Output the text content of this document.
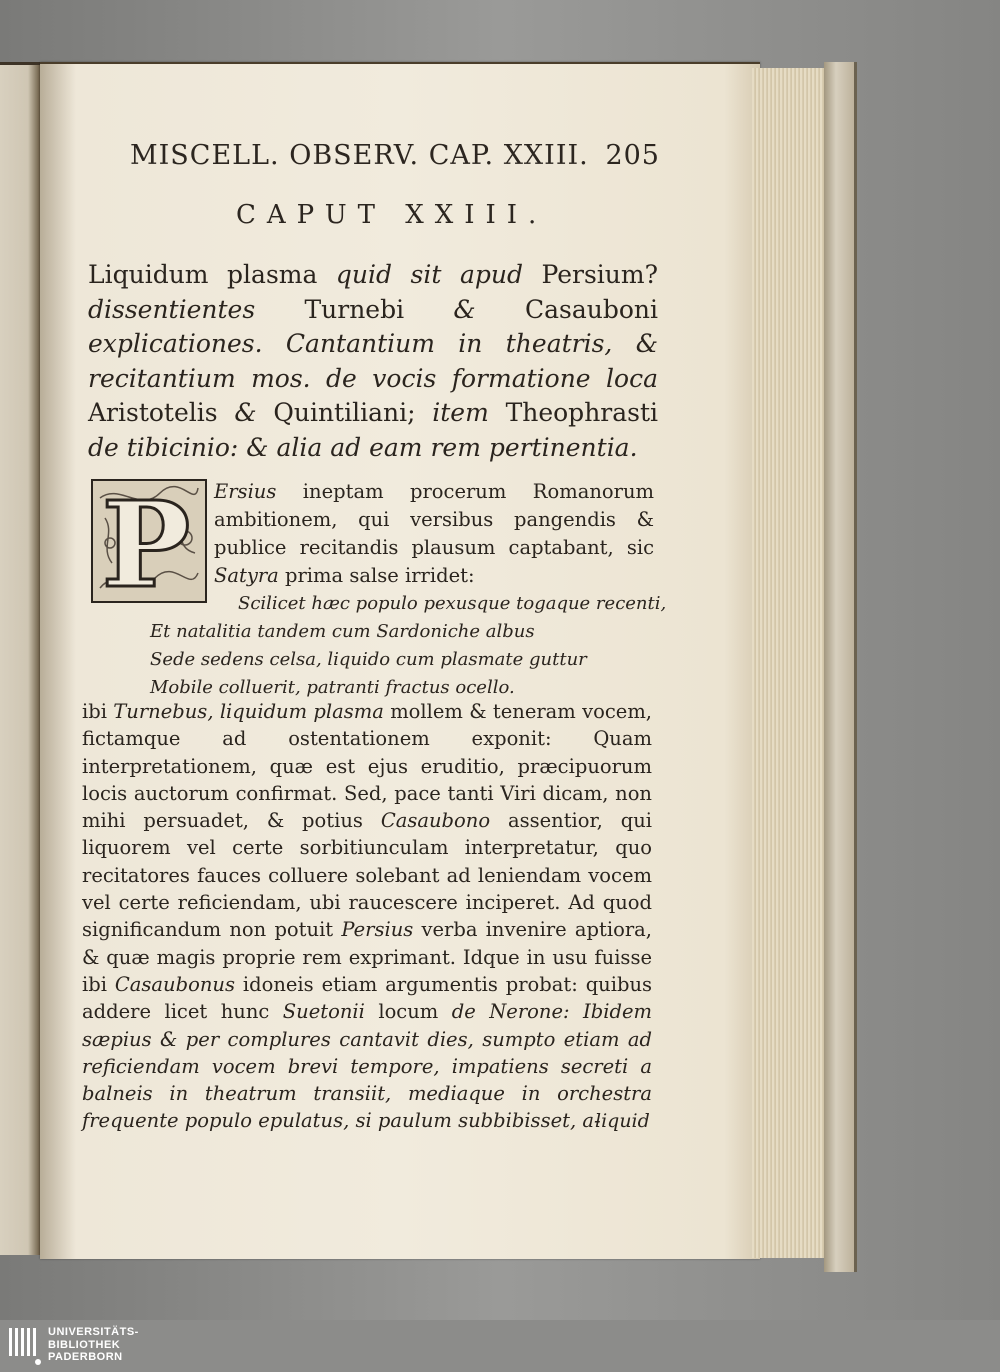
MISCELL. OBSERV. CAP. XXIII. 205
CAPUT XXIII.
Liquidum plasma quid sit apud Persium? dissentientes Turnebi & Casauboni explicationes. Cantantium in theatris, & recitantium mos. de vocis formatione loca Aristotelis & Quintiliani; item Theophrasti de tibicinio: & alia ad eam rem pertinentia.
P Ersius ineptam procerum Romanorum ambitionem, qui versibus pangendis & publice recitandis plausum captabant, sic Satyra prima salse irridet:
Scilicet hæc populo pexusque togaque recenti,
Et natalitia tandem cum Sardoniche albus
Sede sedens celsa, liquido cum plasmate guttur
Mobile colluerit, patranti fractus ocello.
ibi Turnebus, liquidum plasma mollem & teneram vocem, fictamque ad ostentationem exponit: Quam interpretationem, quæ est ejus eruditio, præcipuorum locis auctorum confirmat. Sed, pace tanti Viri dicam, non mihi persuadet, & potius Casaubono assentior, qui liquorem vel certe sorbitiunculam interpretatur, quo recitatores fauces colluere solebant ad leniendam vocem vel certe reficiendam, ubi raucescere inciperet. Ad quod significandum non potuit Persius verba invenire aptiora, & quæ magis proprie rem exprimant. Idque in usu fuisse ibi Casaubonus idoneis etiam argumentis probat: quibus addere licet hunc Suetonii locum de Nerone: Ibidem sæpius & per complures cantavit dies, sumpto etiam ad reficiendam vocem brevi tempore, impatiens secreti a balneis in theatrum transiit, mediaque in orchestra frequente populo epulatus, si paulum subbibisset, a-
liquid
UNIVERSITÄTS-
BIBLIOTHEK
PADERBORN
